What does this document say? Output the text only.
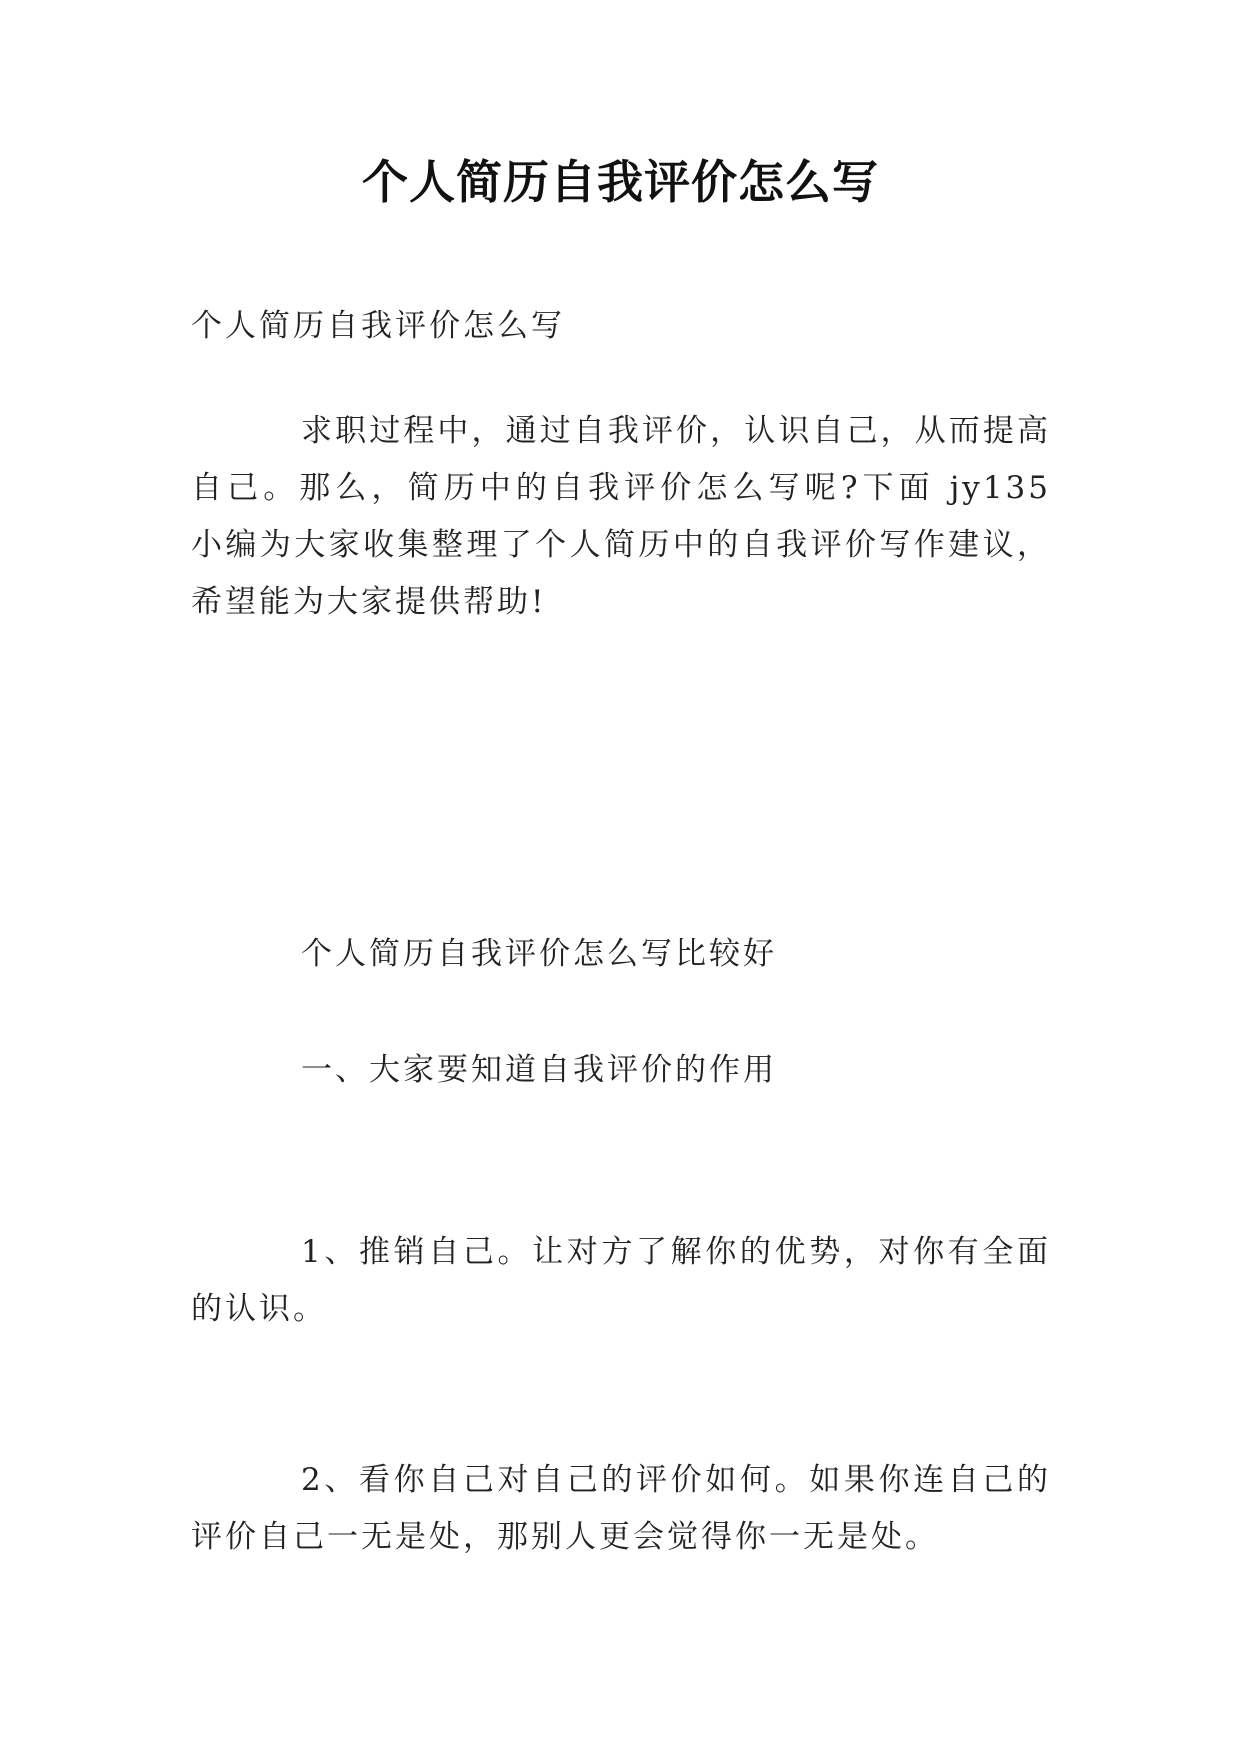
个人简历自我评价怎么写

个人简历自我评价怎么写

求职过程中，通过自我评价，认识自己，从而提高自己。那么，简历中的自我评价怎么写呢?下面 jy135 小编为大家收集整理了个人简历中的自我评价写作建议，希望能为大家提供帮助!

个人简历自我评价怎么写比较好

一、大家要知道自我评价的作用

1、推销自己。让对方了解你的优势，对你有全面的认识。

2、看你自己对自己的评价如何。如果你连自己的评价自己一无是处，那别人更会觉得你一无是处。
